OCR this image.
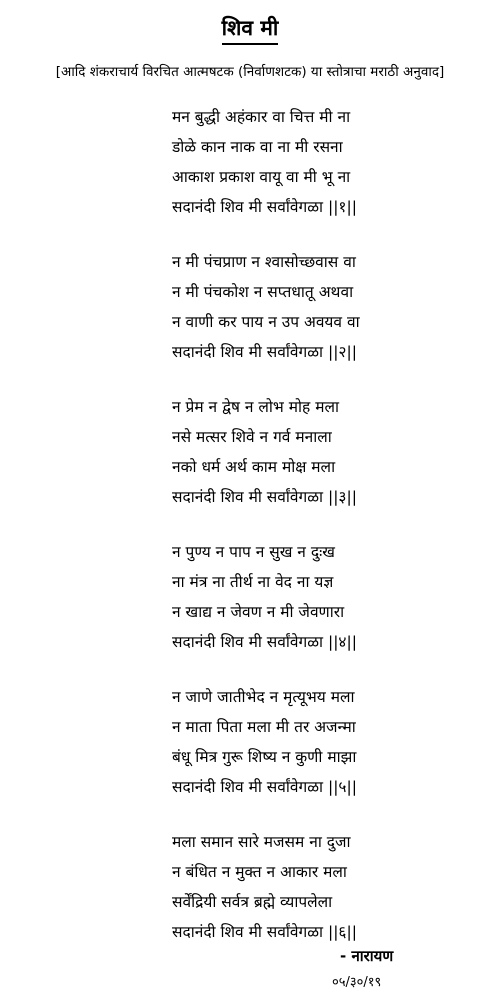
शिव मी
[आदि शंकराचार्य विरचित आत्मषटक (निर्वाणशटक) या स्तोत्राचा मराठी अनुवाद]
मन बुद्धी अहंकार वा चित्त मी ना
डोळे कान नाक वा ना मी रसना
आकाश प्रकाश वायू वा मी भू ना
सदानंदी शिव मी सर्वांवेगळा ||१||
न मी पंचप्राण न श्वासोच्छवास वा
न मी पंचकोश न सप्तधातू अथवा
न वाणी कर पाय न उप अवयव वा
सदानंदी शिव मी सर्वांवेगळा ||२||
न प्रेम न द्वेष न लोभ मोह मला
नसे मत्सर शिवे न गर्व मनाला
नको धर्म अर्थ काम मोक्ष मला
सदानंदी शिव मी सर्वांवेगळा ||३||
न पुण्य न पाप न सुख न दुःख
ना मंत्र ना तीर्थ ना वेद ना यज्ञ
न खाद्य न जेवण न मी जेवणारा
सदानंदी शिव मी सर्वांवेगळा ||४||
न जाणे जातीभेद न मृत्यूभय मला
न माता पिता मला मी तर अजन्मा
बंधू मित्र गुरू शिष्य न कुणी माझा
सदानंदी शिव मी सर्वांवेगळा ||५||
मला समान सारे मजसम ना दुजा
न बंधित न मुक्त न आकार मला
सर्वेंद्रियी सर्वत्र ब्रह्मे व्यापलेला
सदानंदी शिव मी सर्वांवेगळा ||६||
- नारायण
०५/३०/१९
